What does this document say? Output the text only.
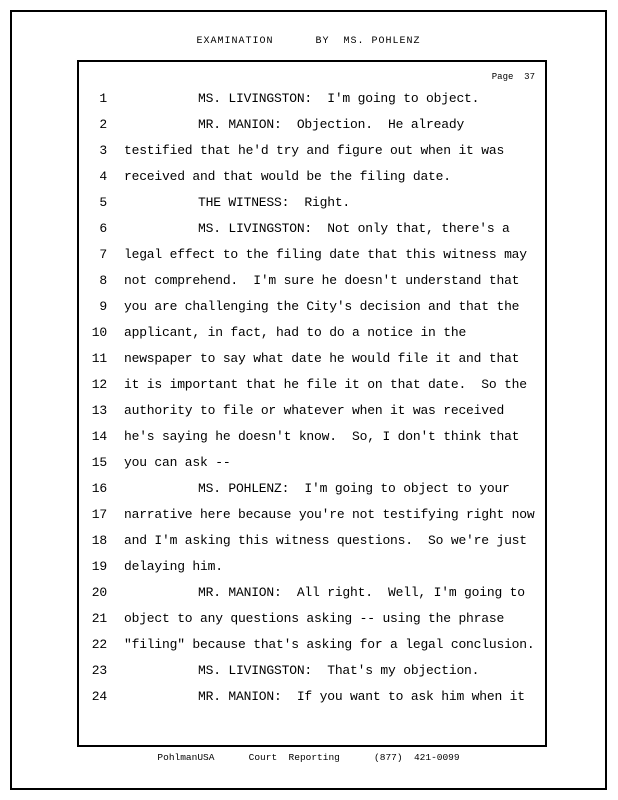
EXAMINATION      BY  MS. POHLENZ
Page  37
1	MS. LIVINGSTON:  I'm going to object.
2	MR. MANION:  Objection.  He already
3 testified that he'd try and figure out when it was
4 received and that would be the filing date.
5	THE WITNESS:  Right.
6	MS. LIVINGSTON:  Not only that, there's a
7 legal effect to the filing date that this witness may
8 not comprehend.  I'm sure he doesn't understand that
9 you are challenging the City's decision and that the
10 applicant, in fact, had to do a notice in the
11 newspaper to say what date he would file it and that
12 it is important that he file it on that date.  So the
13 authority to file or whatever when it was received
14 he's saying he doesn't know.  So, I don't think that
15 you can ask --
16	MS. POHLENZ:  I'm going to object to your
17 narrative here because you're not testifying right now
18 and I'm asking this witness questions.  So we're just
19 delaying him.
20	MR. MANION:  All right.  Well, I'm going to
21 object to any questions asking -- using the phrase
22 "filing" because that's asking for a legal conclusion.
23	MS. LIVINGSTON:  That's my objection.
24	MR. MANION:  If you want to ask him when it
PohlmanUSA      Court  Reporting      (877)  421-0099
